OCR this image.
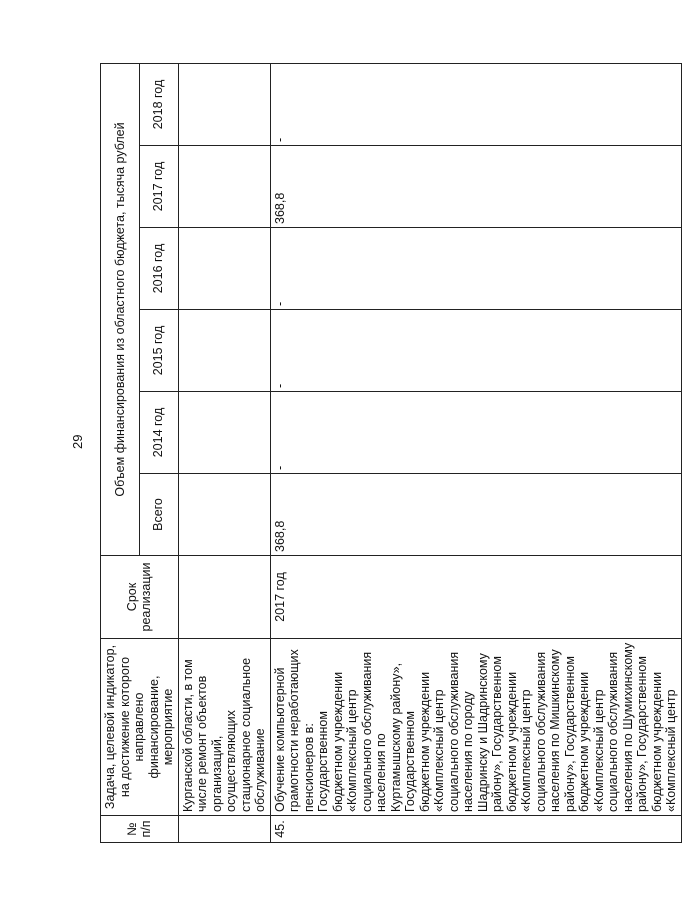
29
№ п/п	Задача, целевой индикатор, на достижение которого направлено финансирование, мероприятие	Срок реализации	Объем финансирования из областного бюджета, тысяча рублей					
			Всего	2014 год	2015 год	2016 год	2017 год	2018 год
	Курганской области, в том числе ремонт объектов организаций, осуществляющих стационарное социальное обслуживание							
45.	Обучение компьютерной грамотности неработающих пенсионеров в: Государственном бюджетном учреждении «Комплексный центр социального обслуживания населения по Куртамышскому району», Государственном бюджетном учреждении «Комплексный центр социального обслуживания населения по городу Шадринску и Шадринскому району», Государственном бюджетном учреждении «Комплексный центр социального обслуживания населения по Мишкинскому району», Государственном бюджетном учреждении «Комплексный центр социального обслуживания населения по Шумихинскому району», Государственном бюджетном учреждении «Комплексный центр	2017 год	368,8	-	-	-	368,8	-
